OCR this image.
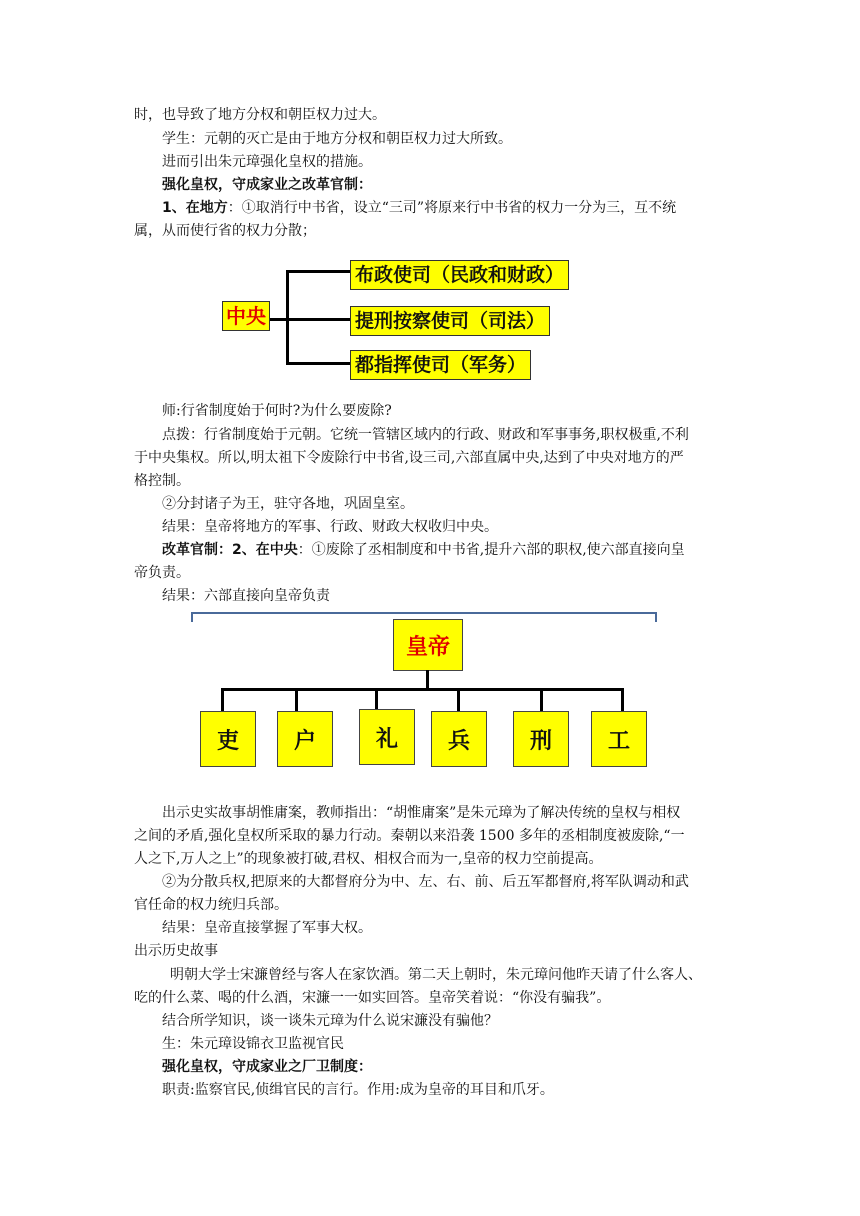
时，也导致了地方分权和朝臣权力过大。
学生：元朝的灭亡是由于地方分权和朝臣权力过大所致。
进而引出朱元璋强化皇权的措施。
强化皇权，守成家业之改革官制：
1、在地方：①取消行中书省，设立“三司”将原来行中书省的权力一分为三，互不统
属，从而使行省的权力分散；
中央
布政使司（民政和财政）
提刑按察使司（司法）
都指挥使司（军务）
师:行省制度始于何时?为什么要废除?
点拨：行省制度始于元朝。它统一管辖区域内的行政、财政和军事事务,职权极重,不利
于中央集权。所以,明太祖下令废除行中书省,设三司,六部直属中央,达到了中央对地方的严
格控制。
②分封诸子为王，驻守各地，巩固皇室。
结果：皇帝将地方的军事、行政、财政大权收归中央。
改革官制：2、在中央：①废除了丞相制度和中书省,提升六部的职权,使六部直接向皇
帝负责。
结果：六部直接向皇帝负责
皇帝
吏	户	礼	兵	刑	工
出示史实故事胡惟庸案，教师指出：“胡惟庸案”是朱元璋为了解决传统的皇权与相权
之间的矛盾,强化皇权所采取的暴力行动。秦朝以来沿袭 1500 多年的丞相制度被废除,“一
人之下,万人之上”的现象被打破,君权、相权合而为一,皇帝的权力空前提高。
②为分散兵权,把原来的大都督府分为中、左、右、前、后五军都督府,将军队调动和武
官任命的权力统归兵部。
结果：皇帝直接掌握了军事大权。
出示历史故事
明朝大学士宋濂曾经与客人在家饮酒。第二天上朝时，朱元璋问他昨天请了什么客人、
吃的什么菜、喝的什么酒，宋濂一一如实回答。皇帝笑着说：“你没有骗我”。
结合所学知识，谈一谈朱元璋为什么说宋濂没有骗他？
生：朱元璋设锦衣卫监视官民
强化皇权，守成家业之厂卫制度：
职责:监察官民,侦缉官民的言行。作用:成为皇帝的耳目和爪牙。
